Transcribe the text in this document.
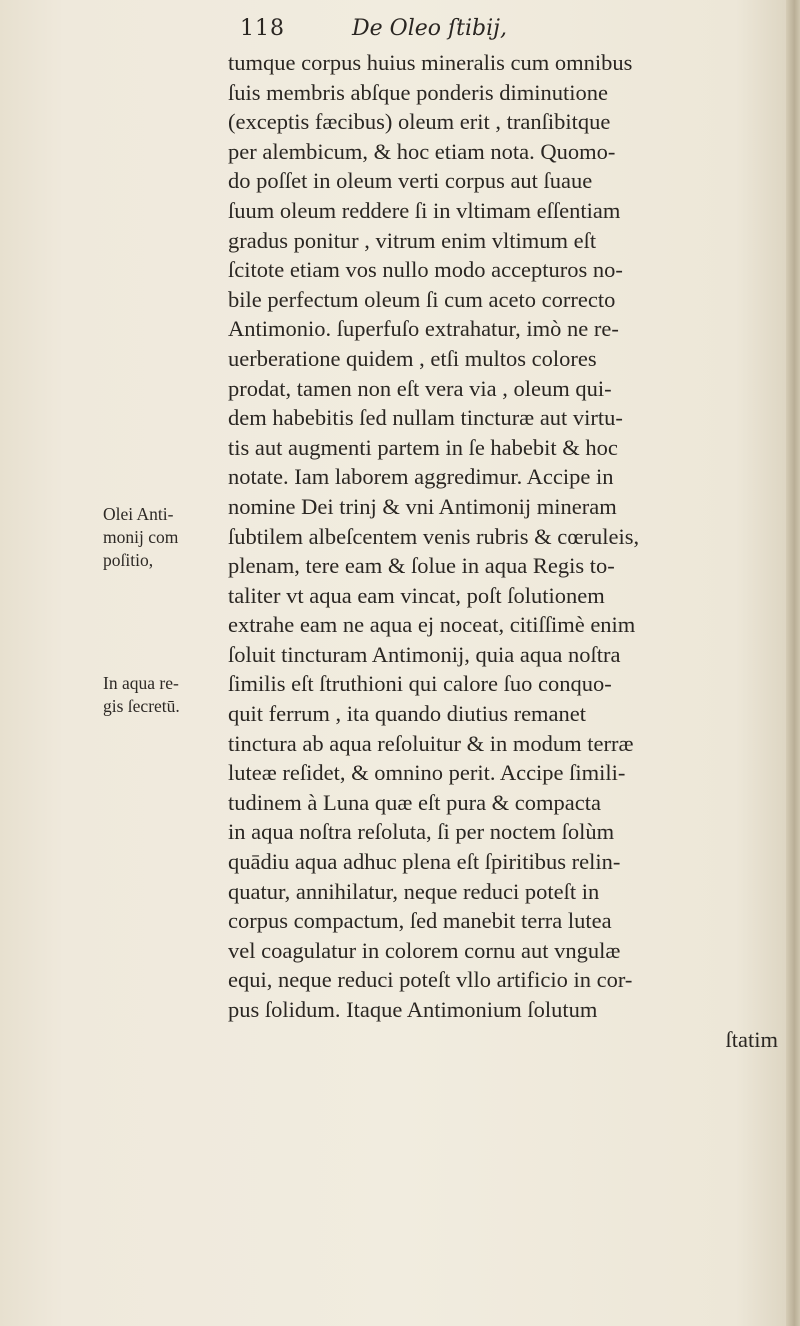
118	De Oleo ſtibij,
Olei Anti-
monij com
poſitio,
In aqua re-
gis ſecretū.
tumque corpus huius mineralis cum omnibus
ſuis membris abſque ponderis diminutione
(exceptis fæcibus) oleum erit , tranſibitque
per alembicum, & hoc etiam nota. Quomo-
do poſſet in oleum verti corpus aut ſuaue
ſuum oleum reddere ſi in vltimam eſſentiam
gradus ponitur , vitrum enim vltimum eſt
ſcitote etiam vos nullo modo accepturos no-
bile perfectum oleum ſi cum aceto correcto
Antimonio. ſuperfuſo extrahatur, imò ne re-
uerberatione quidem , etſi multos colores
prodat, tamen non eſt vera via , oleum qui-
dem habebitis ſed nullam tincturæ aut virtu-
tis aut augmenti partem in ſe habebit & hoc
notate. Iam laborem aggredimur. Accipe in
nomine Dei trinj & vni Antimonij mineram
ſubtilem albeſcentem venis rubris & cœruleis,
plenam, tere eam & ſolue in aqua Regis to-
taliter vt aqua eam vincat, poſt ſolutionem
extrahe eam ne aqua ej noceat, citiſſimè enim
ſoluit tincturam Antimonij, quia aqua noſtra
ſimilis eſt ſtruthioni qui calore ſuo conquo-
quit ferrum , ita quando diutius remanet
tinctura ab aqua reſoluitur & in modum terræ
luteæ reſidet, & omnino perit. Accipe ſimili-
tudinem à Luna quæ eſt pura & compacta
in aqua noſtra reſoluta, ſi per noctem ſolùm
quādiu aqua adhuc plena eſt ſpiritibus relin-
quatur, annihilatur, neque reduci poteſt in
corpus compactum, ſed manebit terra lutea
vel coagulatur in colorem cornu aut vngulæ
equi, neque reduci poteſt vllo artificio in cor-
pus ſolidum. Itaque Antimonium ſolutum
ſtatim
